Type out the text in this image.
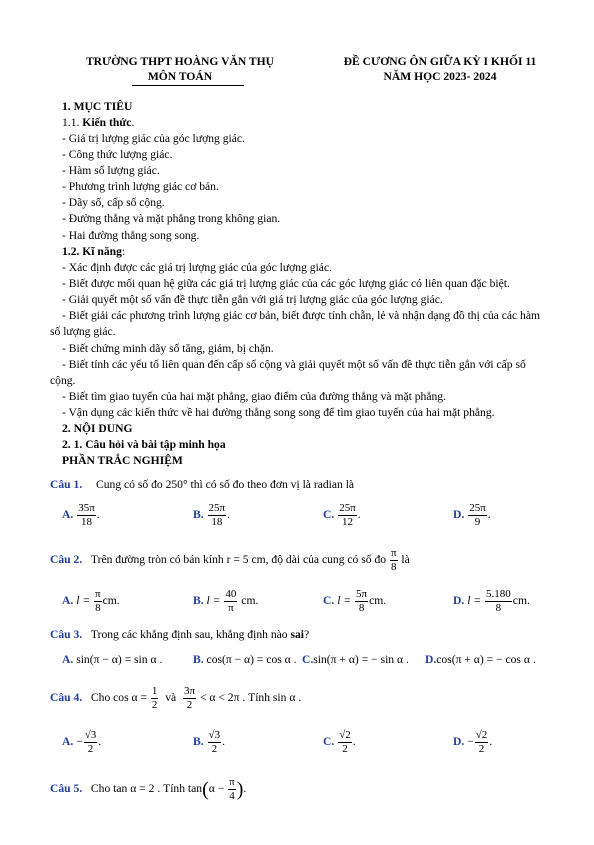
TRƯỜNG THPT HOÀNG VĂN THỤ
MÔN TOÁN
ĐỀ CƯƠNG ÔN GIỮA KỲ I KHỐI 11
NĂM HỌC 2023- 2024
1. MỤC TIÊU
1.1. Kiến thức.
- Giá trị lượng giác của góc lượng giác.
- Công thức lượng giác.
- Hàm số lượng giác.
- Phương trình lượng giác cơ bản.
- Dãy số, cấp số cộng.
- Đường thẳng và mặt phẳng trong không gian.
- Hai đường thẳng song song.
1.2. Kĩ năng:
- Xác định được các giá trị lượng giác của góc lượng giác.
- Biết được mối quan hệ giữa các giá trị lượng giác của các góc lượng giác có liên quan đặc biệt.
- Giải quyết một số vấn đề thực tiễn gắn với giá trị lượng giác của góc lượng giác.
- Biết giải các phương trình lượng giác cơ bản, biết được tính chẵn, lẻ và nhận dạng đồ thị của các hàm
số lượng giác.
- Biết chứng minh dãy số tăng, giảm, bị chặn.
- Biết tính các yếu tố liên quan đến cấp số cộng và giải quyết một số vấn đề thực tiễn gắn với cấp số
cộng.
- Biết tìm giao tuyến của hai mặt phẳng, giao điểm của đường thẳng và mặt phẳng.
- Vận dụng các kiến thức về hai đường thẳng song song để tìm giao tuyến của hai mặt phẳng.
2. NỘI DUNG
2. 1. Câu hỏi và bài tập minh họa
PHẦN TRẮC NGHIỆM
Câu 1. Cung có số đo 250° thì có số đo theo đơn vị là radian là
A. $\frac{35\pi}{18}$ .	B. $\frac{25\pi}{18}$ .	C. $\frac{25\pi}{12}$ .	D. $\frac{25\pi}{9}$ .
Câu 2. Trên đường tròn có bán kính r = 5 cm, độ dài của cung có số đo $\frac{\pi}{8}$ là
A. $l = \frac{\pi}{8}$ cm.	B. $l = \frac{40}{\pi}$ cm.	C. $l = \frac{5\pi}{8}$ cm.	D. $l = \frac{5.180}{8}$ cm.
Câu 3. Trong các khẳng định sau, khẳng định nào sai?
A. sin(π − α) = sin α .	B. cos(π − α) = cos α . C.sin(π + α) = − sin α . D.cos(π + α) = − cos α .
Câu 4. Cho $\cos \alpha = \frac{1}{2}$ và $\frac{3\pi}{2} < \alpha < 2\pi$ . Tính sin α .
A. − $\frac{√3}{2}$ .	B. $\frac{√3}{2}$ .	C. $\frac{√2}{2}$ .	D. − $\frac{√2}{2}$ .
Câu 5. Cho tan α = 2 . Tính $\tan(\alpha - \frac{\pi}{4}$ ).
